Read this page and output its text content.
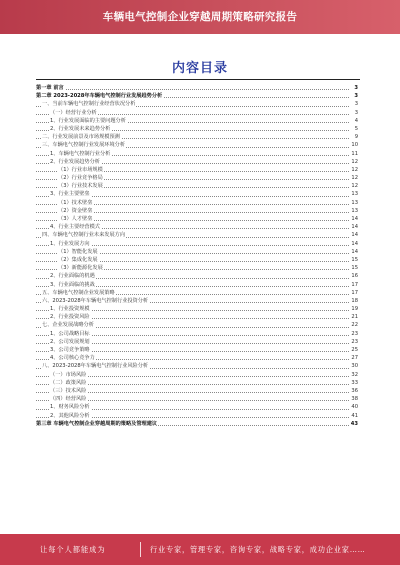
车辆电气控制企业穿越周期策略研究报告
内容目录
第一章 前言	3
第二章 2023-2028年车辆电气控制行业发展趋势分析	3
一、当前车辆电气控制行业经营状况分析	3
（一）经营行业分析	3
1、行业发展面临的主要问题分析	4
2、行业发展未来趋势分析	5
二、行业发展前景及市场规模预测	9
三、车辆电气控制行业发展环境分析	10
1、车辆电气控制行业分析	11
2、行业发展趋势分析	12
（1）行业市场规模	12
（2）行业竞争格局	12
（3）行业技术发展	12
3、行业主要壁垒	13
（1）技术壁垒	13
（2）资金壁垒	13
（3）人才壁垒	14
4、行业主要经营模式	14
四、车辆电气控制行业未来发展方向	14
1、行业发展方向	14
（1）智能化发展	14
（2）集成化发展	15
（3）新能源化发展	15
2、行业面临的机遇	16
3、行业面临的挑战	17
五、车辆电气控制企业发展策略	17
六、2023-2028年车辆电气控制行业投资分析	18
1、行业投资规模	19
2、行业投资风险	21
七、企业发展战略分析	22
1、公司战略目标	23
2、公司发展规划	23
3、公司竞争策略	25
4、公司核心竞争力	27
八、2023-2028年车辆电气控制行业风险分析	30
（一）市场风险	32
（二）政策风险	33
（三）技术风险	36
（四）经营风险	38
1、财务风险分析	40
2、其他风险分析	41
第三章 车辆电气控制企业穿越周期的策略及管理建议	43
让每个人都能成为	行业专家，管理专家，咨询专家，战略专家，成功企业家……
